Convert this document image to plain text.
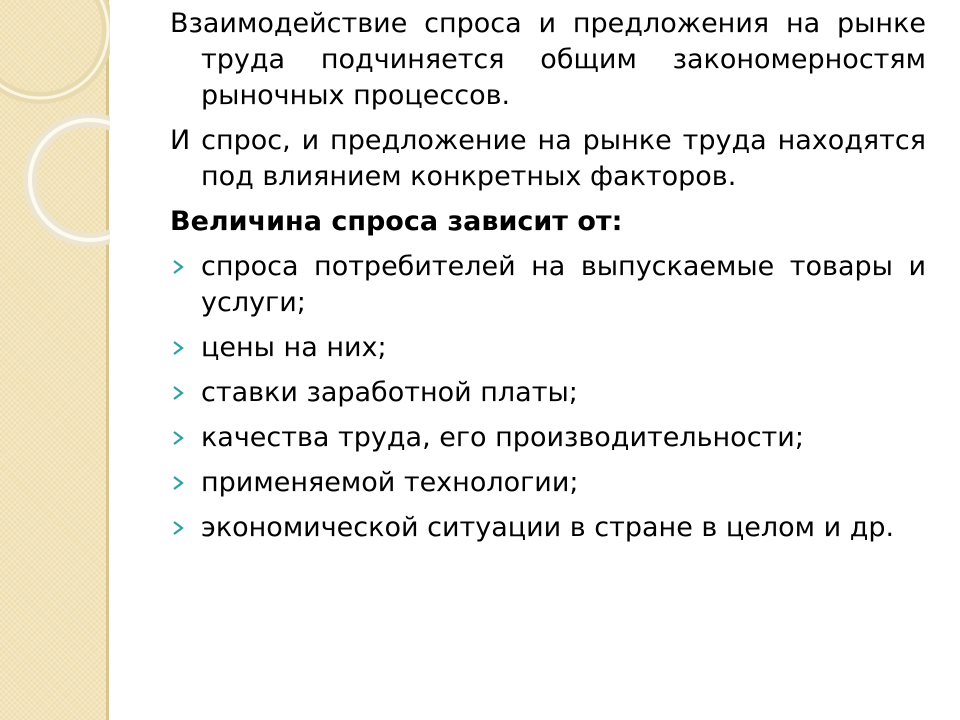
Взаимодействие спроса и предложения на рынке труда подчиняется общим закономерностям рыночных процессов.

И спрос, и предложение на рынке труда находятся под влиянием конкретных факторов.

Величина спроса зависит от:

спроса потребителей на выпускаемые товары и услуги;
цены на них;
ставки заработной платы;
качества труда, его производительности;
применяемой технологии;
экономической ситуации в стране в целом и др.
